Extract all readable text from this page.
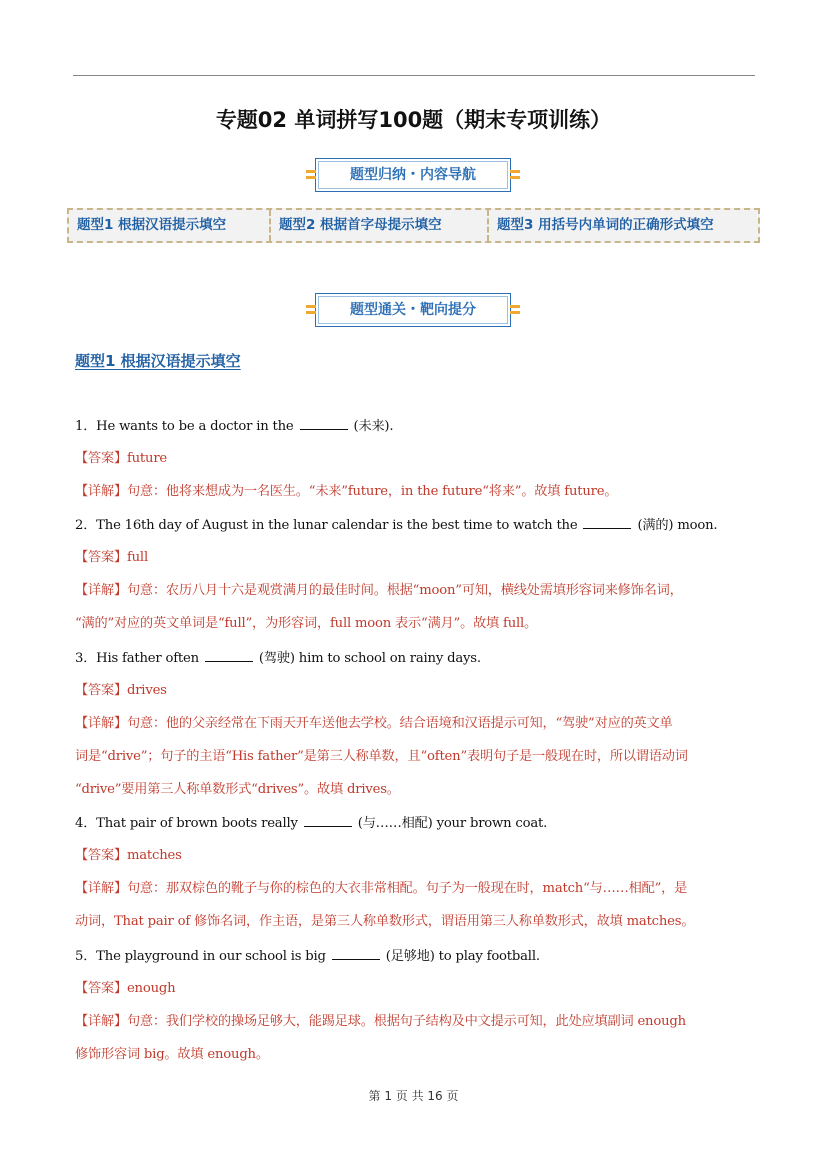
专题02 单词拼写100题（期末专项训练）
题型归纳・内容导航
题型1 根据汉语提示填空	题型2 根据首字母提示填空	题型3 用括号内单词的正确形式填空
题型通关・靶向提分
题型1 根据汉语提示填空
1．He wants to be a doctor in the	(未来).
【答案】future
【详解】句意：他将来想成为一名医生。“未来”future，in the future“将来”。故填 future。
2．The 16th day of August in the lunar calendar is the best time to watch the	(满的) moon.
【答案】full
【详解】句意：农历八月十六是观赏满月的最佳时间。根据“moon”可知，横线处需填形容词来修饰名词，
“满的”对应的英文单词是“full”，为形容词，full moon 表示“满月”。故填 full。
3．His father often	(驾驶) him to school on rainy days.
【答案】drives
【详解】句意：他的父亲经常在下雨天开车送他去学校。结合语境和汉语提示可知，“驾驶”对应的英文单
词是“drive”；句子的主语“His father”是第三人称单数，且“often”表明句子是一般现在时，所以谓语动词
“drive”要用第三人称单数形式“drives”。故填 drives。
4．That pair of brown boots really	(与……相配) your brown coat.
【答案】matches
【详解】句意：那双棕色的靴子与你的棕色的大衣非常相配。句子为一般现在时，match“与……相配”，是
动词，That pair of 修饰名词，作主语，是第三人称单数形式，谓语用第三人称单数形式，故填 matches。
5．The playground in our school is big	(足够地) to play football.
【答案】enough
【详解】句意：我们学校的操场足够大，能踢足球。根据句子结构及中文提示可知，此处应填副词 enough
修饰形容词 big。故填 enough。
第 1 页 共 16 页
